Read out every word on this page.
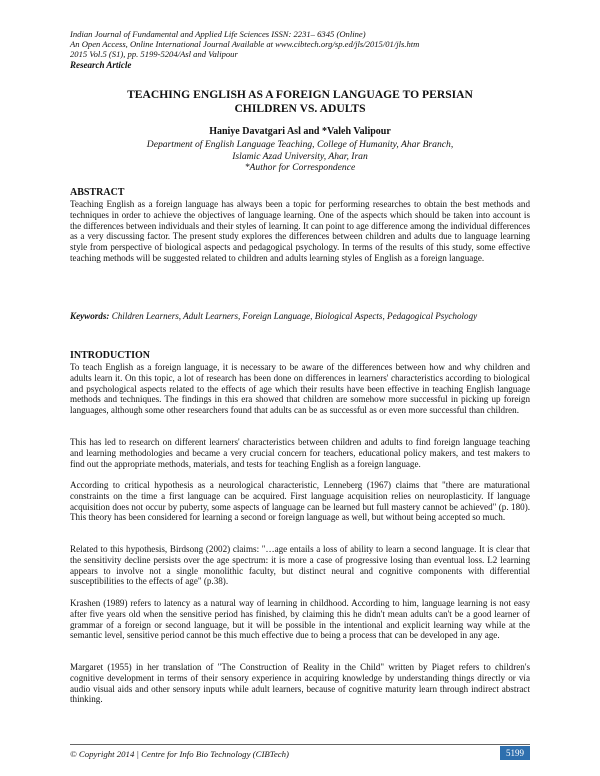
Indian Journal of Fundamental and Applied Life Sciences ISSN: 2231– 6345 (Online)
An Open Access, Online International Journal Available at www.cibtech.org/sp.ed/jls/2015/01/jls.htm
2015 Vol.5 (S1), pp. 5199-5204/Asl and Valipour
Research Article
TEACHING ENGLISH AS A FOREIGN LANGUAGE TO PERSIAN
CHILDREN VS. ADULTS
Haniye Davatgari Asl and *Valeh Valipour
Department of English Language Teaching, College of Humanity, Ahar Branch,
Islamic Azad University, Ahar, Iran
*Author for Correspondence
ABSTRACT
Teaching English as a foreign language has always been a topic for performing researches to obtain the best methods and techniques in order to achieve the objectives of language learning. One of the aspects which should be taken into account is the differences between individuals and their styles of learning. It can point to age difference among the individual differences as a very discussing factor. The present study explores the differences between children and adults due to language learning style from perspective of biological aspects and pedagogical psychology. In terms of the results of this study, some effective teaching methods will be suggested related to children and adults learning styles of English as a foreign language.
Keywords: Children Learners, Adult Learners, Foreign Language, Biological Aspects, Pedagogical Psychology
INTRODUCTION
To teach English as a foreign language, it is necessary to be aware of the differences between how and why children and adults learn it. On this topic, a lot of research has been done on differences in learners' characteristics according to biological and psychological aspects related to the effects of age which their results have been effective in teaching English language methods and techniques. The findings in this era showed that children are somehow more successful in picking up foreign languages, although some other researchers found that adults can be as successful as or even more successful than children.
This has led to research on different learners' characteristics between children and adults to find foreign language teaching and learning methodologies and became a very crucial concern for teachers, educational policy makers, and test makers to find out the appropriate methods, materials, and tests for teaching English as a foreign language.
According to critical hypothesis as a neurological characteristic, Lenneberg (1967) claims that "there are maturational constraints on the time a first language can be acquired. First language acquisition relies on neuroplasticity. If language acquisition does not occur by puberty, some aspects of language can be learned but full mastery cannot be achieved" (p. 180). This theory has been considered for learning a second or foreign language as well, but without being accepted so much.
Related to this hypothesis, Birdsong (2002) claims: "…age entails a loss of ability to learn a second language. It is clear that the sensitivity decline persists over the age spectrum: it is more a case of progressive losing than eventual loss. L2 learning appears to involve not a single monolithic faculty, but distinct neural and cognitive components with differential susceptibilities to the effects of age" (p.38).
Krashen (1989) refers to latency as a natural way of learning in childhood. According to him, language learning is not easy after five years old when the sensitive period has finished, by claiming this he didn't mean adults can't be a good learner of grammar of a foreign or second language, but it will be possible in the intentional and explicit learning way while at the semantic level, sensitive period cannot be this much effective due to being a process that can be developed in any age.
Margaret (1955) in her translation of "The Construction of Reality in the Child" written by Piaget refers to children's cognitive development in terms of their sensory experience in acquiring knowledge by understanding things directly or via audio visual aids and other sensory inputs while adult learners, because of cognitive maturity learn through indirect abstract thinking.
© Copyright 2014 | Centre for Info Bio Technology (CIBTech)	5199
